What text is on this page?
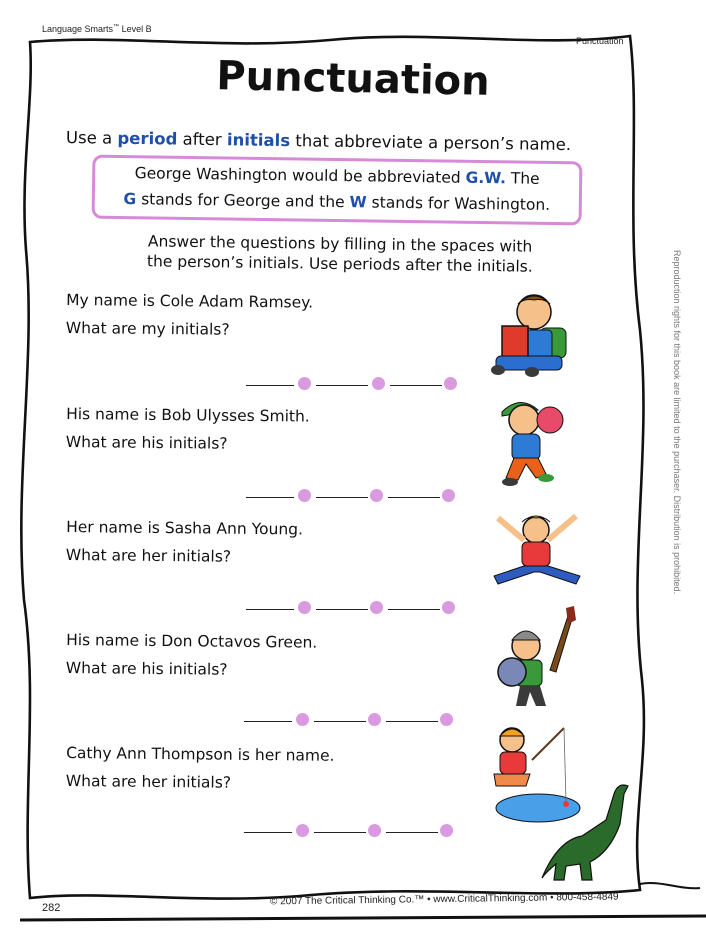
Language Smarts™ Level B
Punctuation
Punctuation
Use a period after initials that abbreviate a person’s name.

George Washington would be abbreviated G.W. The

G stands for George and the W stands for Washington.

Answer the questions by filling in the spaces with
the person’s initials. Use periods after the initials.
My name is Cole Adam Ramsey.
What are my initials?
His name is Bob Ulysses Smith.
What are his initials?
Her name is Sasha Ann Young.
What are her initials?
His name is Don Octavos Green.
What are his initials?
Cathy Ann Thompson is her name.
What are her initials?
282
© 2007 The Critical Thinking Co.™ • www.CriticalThinking.com • 800-458-4849
Reproduction rights for this book are limited to the purchaser. Distribution is prohibited.
